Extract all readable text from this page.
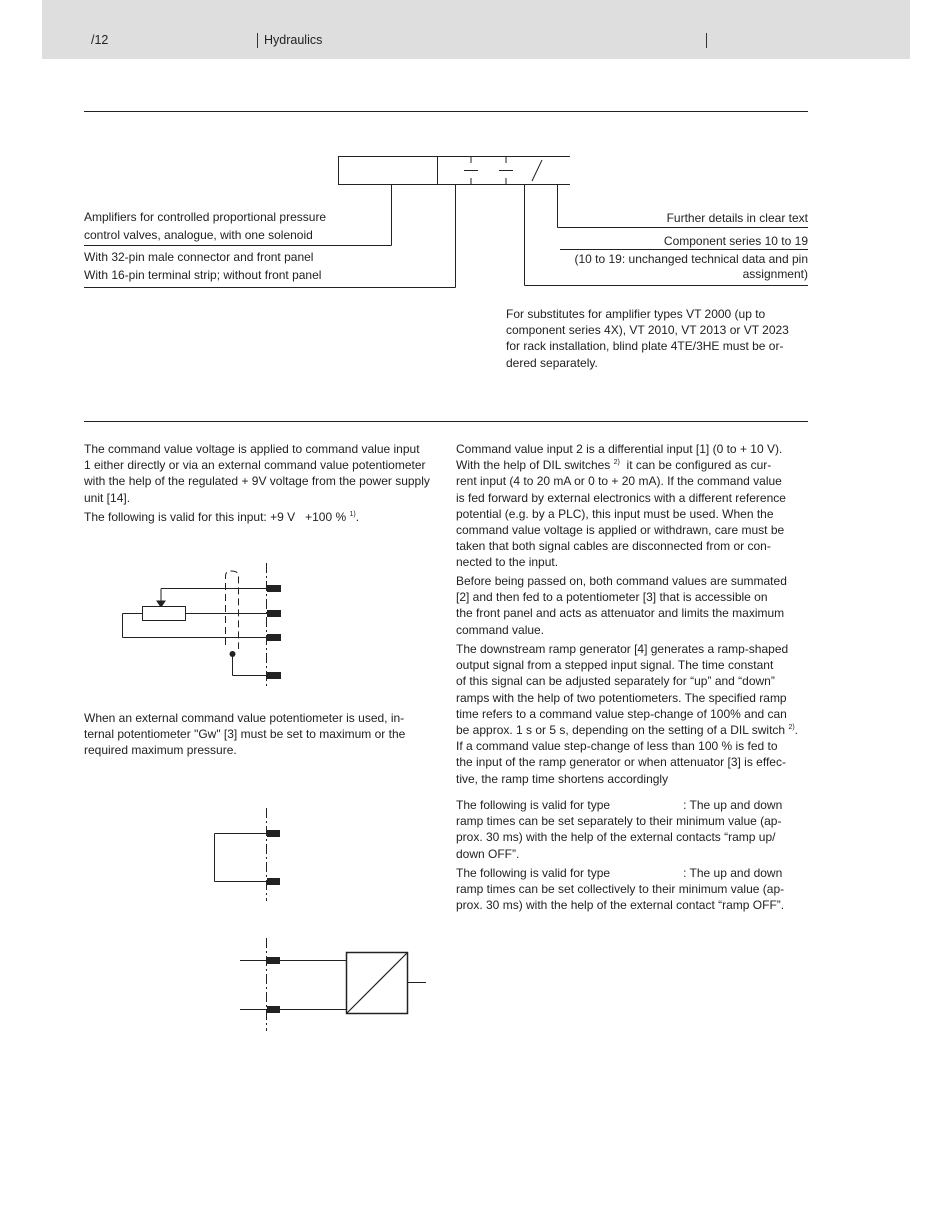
/12	Hydraulics
Amplifiers for controlled proportional pressure
control valves, analogue, with one solenoid
With 32-pin male connector and front panel
With 16-pin terminal strip; without front panel
Further details in clear text
Component series 10 to 19
(10 to 19: unchanged technical data and pin
assignment)
For substitutes for amplifier types VT 2000 (up to
component series 4X), VT 2010, VT 2013 or VT 2023
for rack installation, blind plate 4TE/3HE must be or-
dered separately.
The command value voltage is applied to command value input
1 either directly or via an external command value potentiometer
with the help of the regulated + 9V voltage from the power supply
unit [14].
The following is valid for this input: +9 V   +100 % $^{1)}$.
When an external command value potentiometer is used, in-
ternal potentiometer "Gw" [3] must be set to maximum or the
required maximum pressure.
Command value input 2 is a differential input [1] (0 to + 10 V).
With the help of DIL switches $^{2)}$  it can be configured as cur-
rent input (4 to 20 mA or 0 to + 20 mA). If the command value
is fed forward by external electronics with a different reference
potential (e.g. by a PLC), this input must be used. When the
command value voltage is applied or withdrawn, care must be
taken that both signal cables are disconnected from or con-
nected to the input.
Before being passed on, both command values are summated
[2] and then fed to a potentiometer [3] that is accessible on
the front panel and acts as attenuator and limits the maximum
command value.
The downstream ramp generator [4] generates a ramp-shaped
output signal from a stepped input signal. The time constant
of this signal can be adjusted separately for “up” and “down”
ramps with the help of two potentiometers. The specified ramp
time refers to a command value step-change of 100% and can
be approx. 1 s or 5 s, depending on the setting of a DIL switch $^{2)}$.
If a command value step-change of less than 100 % is fed to
the input of the ramp generator or when attenuator [3] is effec-
tive, the ramp time shortens accordingly
The following is valid for type	: The up and down
ramp times can be set separately to their minimum value (ap-
prox. 30 ms) with the help of the external contacts “ramp up/
down OFF”.
The following is valid for type	: The up and down
ramp times can be set collectively to their minimum value (ap-
prox. 30 ms) with the help of the external contact “ramp OFF”.
